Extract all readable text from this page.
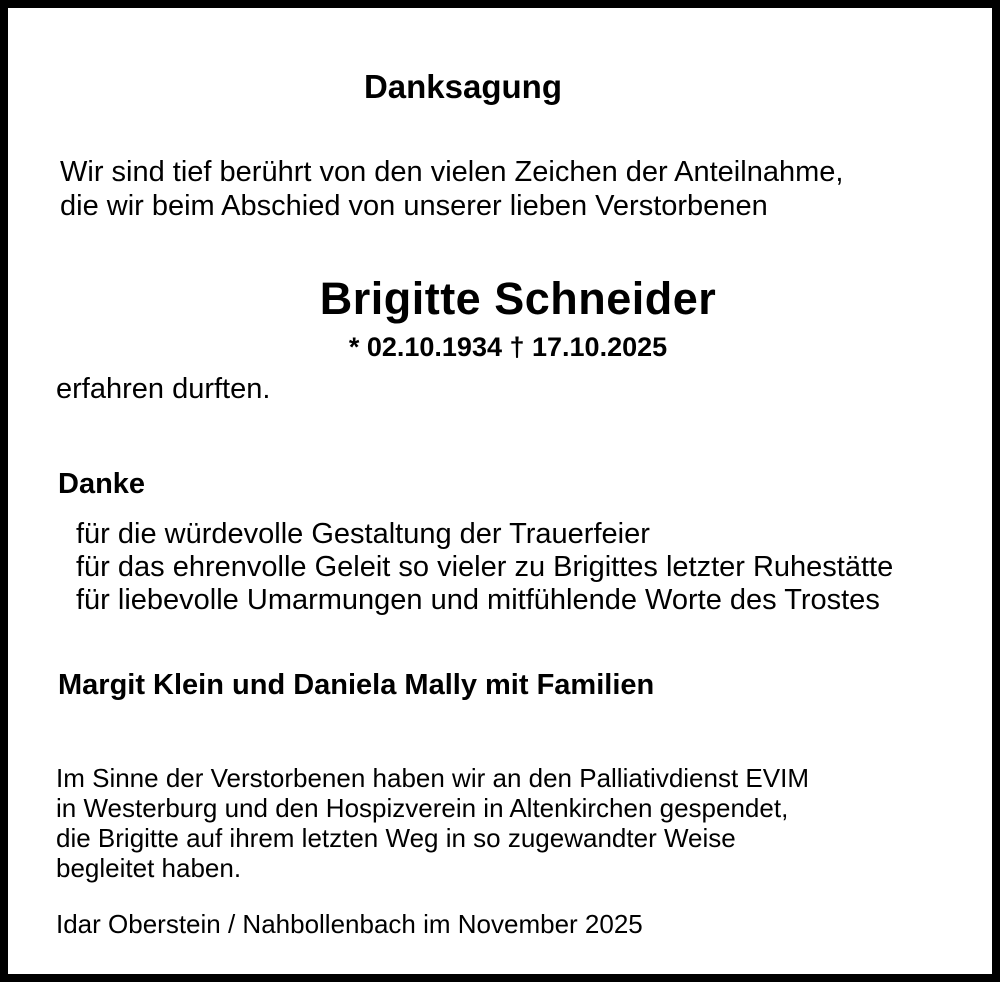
Danksagung
Wir sind tief berührt von den vielen Zeichen der Anteilnahme,
die wir beim Abschied von unserer lieben Verstorbenen
Brigitte Schneider
* 02.10.1934 † 17.10.2025
erfahren durften.
Danke
für die würdevolle Gestaltung der Trauerfeier
für das ehrenvolle Geleit so vieler zu Brigittes letzter Ruhestätte
für liebevolle Umarmungen und mitfühlende Worte des Trostes
Margit Klein und Daniela Mally mit Familien
Im Sinne der Verstorbenen haben wir an den Palliativdienst EVIM
in Westerburg und den Hospizverein in Altenkirchen gespendet,
die Brigitte auf ihrem letzten Weg in so zugewandter Weise
begleitet haben.
Idar Oberstein / Nahbollenbach im November 2025
